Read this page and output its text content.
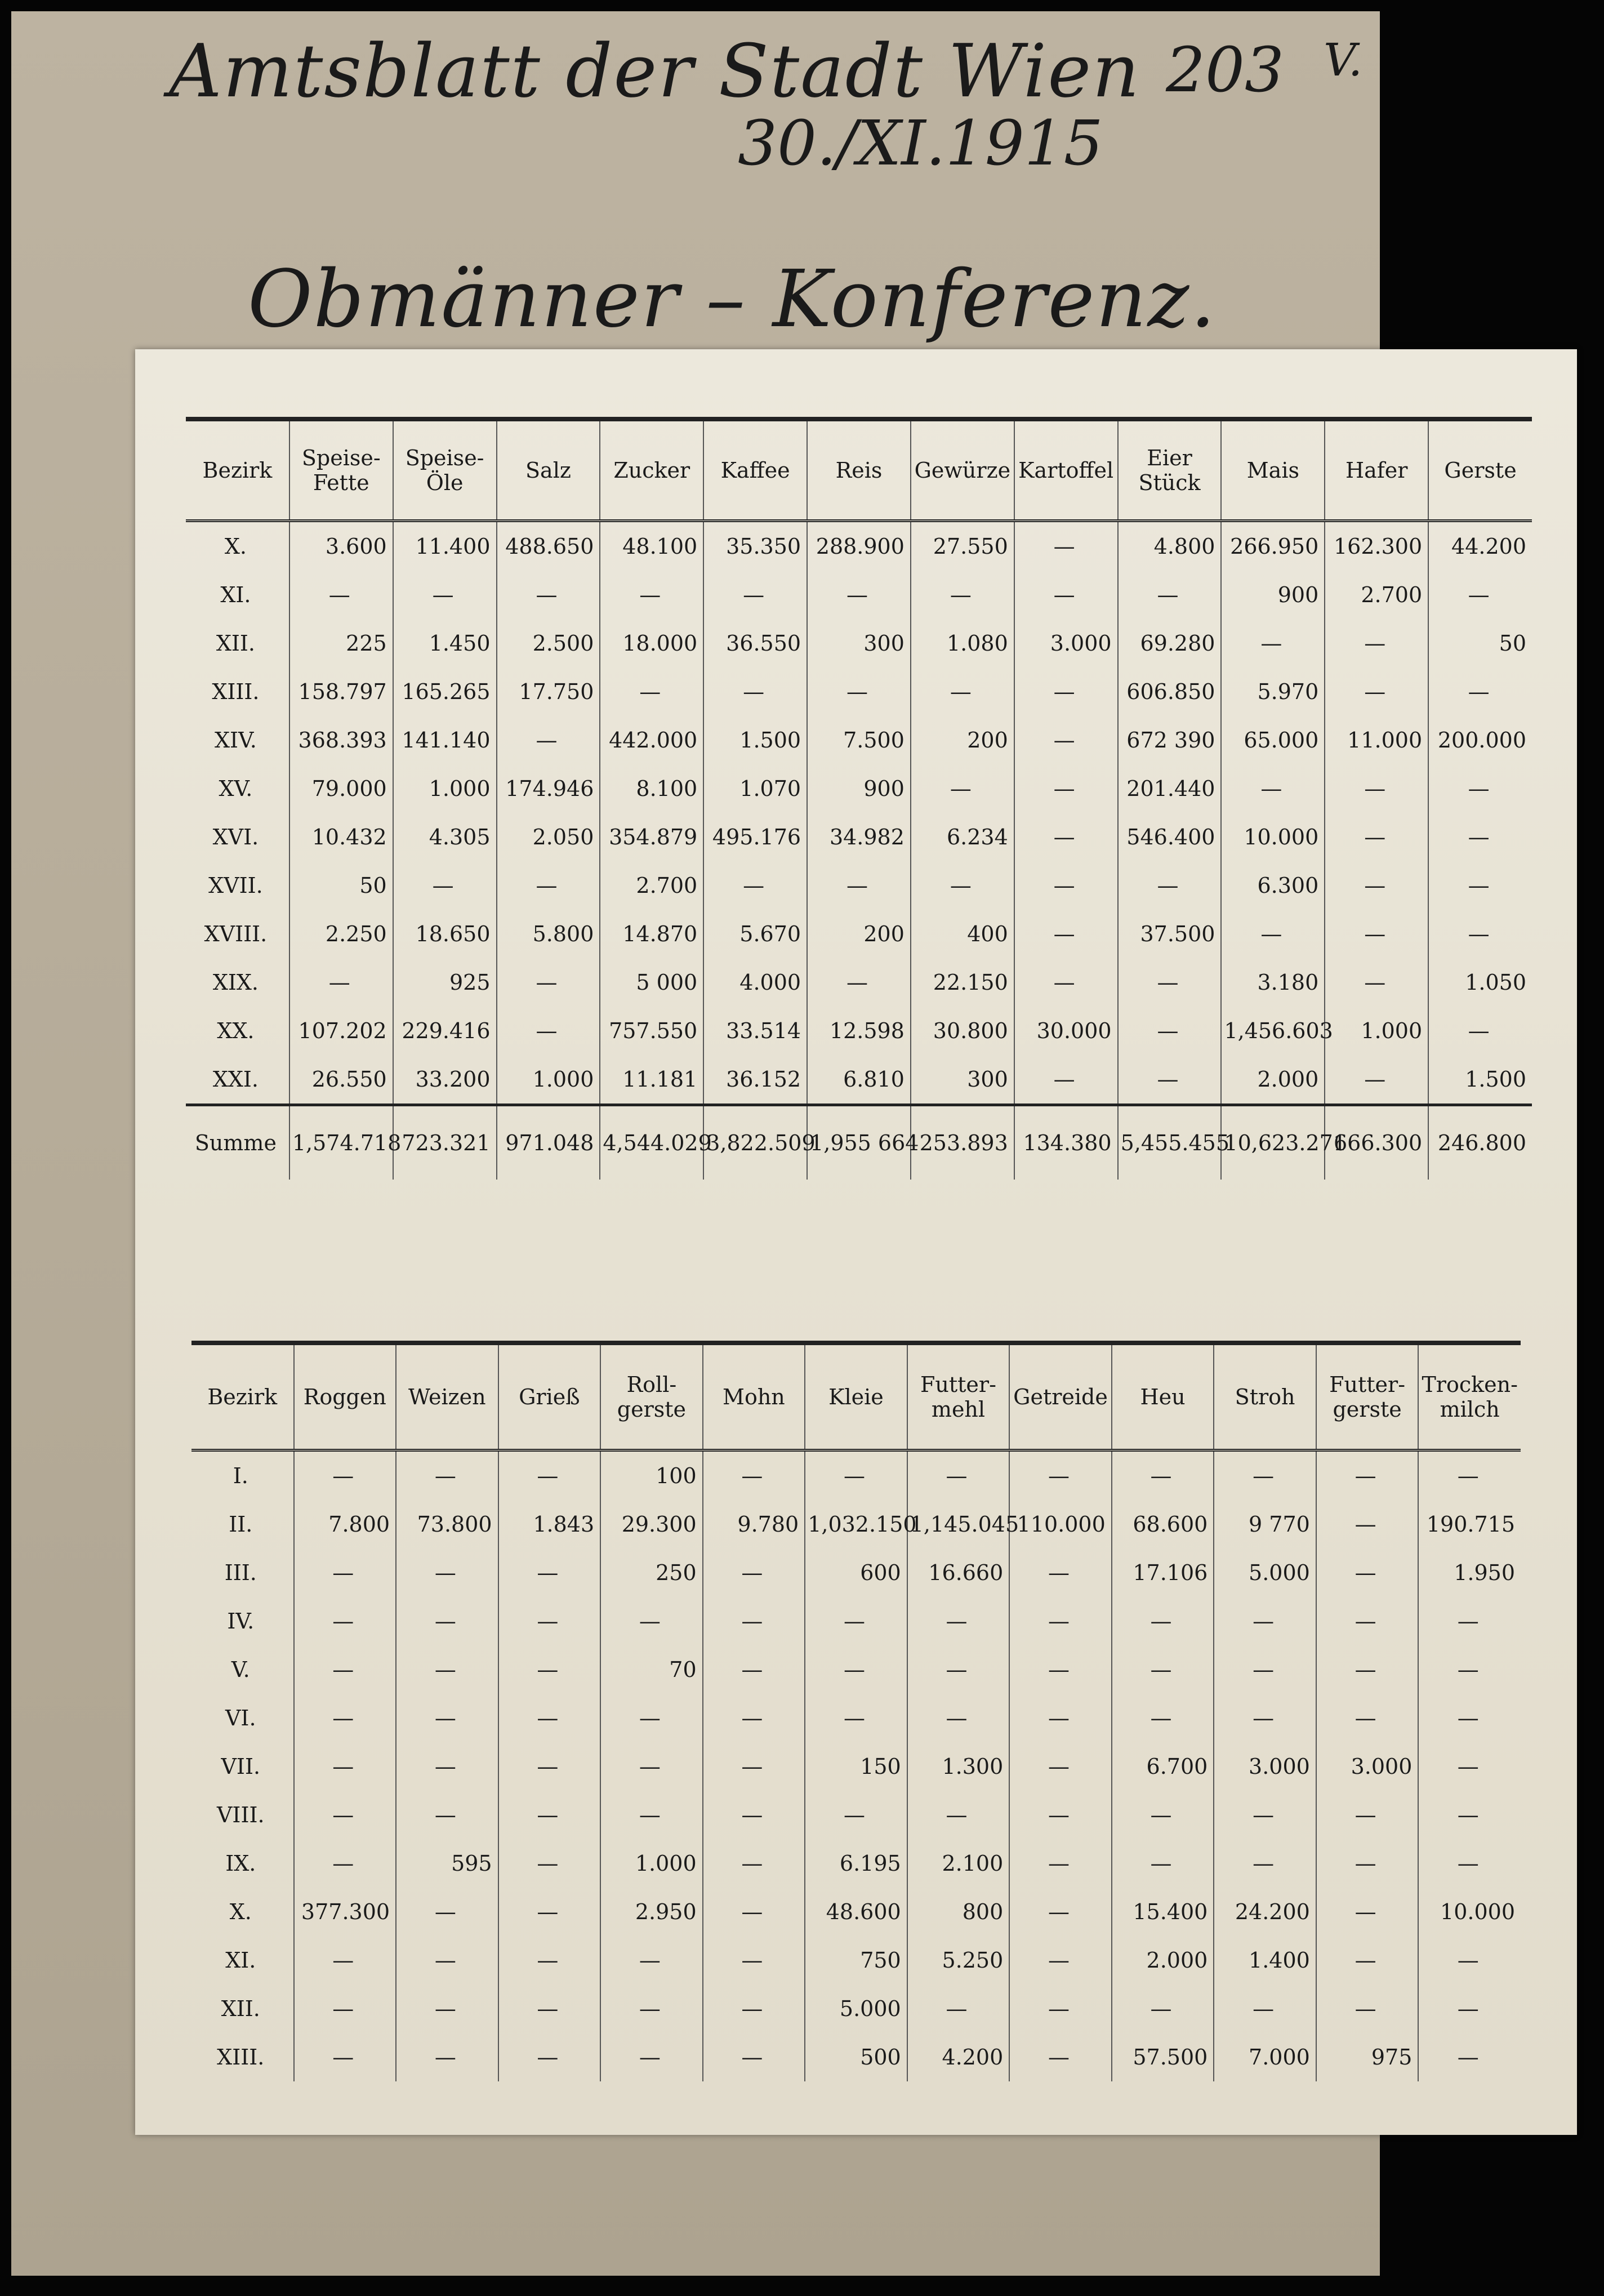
Amtsblatt der Stadt Wien 203 V.
30./XI.1915
Obmänner – Konferenz.
Bezirk	Speise-Fette	Speise-Öle	Salz	Zucker	Kaffee	Reis	Gewürze	Kartoffel	Eier Stück	Mais	Hafer	Gerste
X.	3.600	11.400	488.650	48.100	35.350	288.900	27.550	—	4.800	266.950	162.300	44.200
XI.	—	—	—	—	—	—	—	—	—	900	2.700	—
XII.	225	1.450	2.500	18.000	36.550	300	1.080	3.000	69.280	—	—	50
XIII.	158.797	165.265	17.750	—	—	—	—	—	606.850	5.970	—	—
XIV.	368.393	141.140	—	442.000	1.500	7.500	200	—	672 390	65.000	11.000	200.000
XV.	79.000	1.000	174.946	8.100	1.070	900	—	—	201.440	—	—	—
XVI.	10.432	4.305	2.050	354.879	495.176	34.982	6.234	—	546.400	10.000	—	—
XVII.	50	—	—	2.700	—	—	—	—	—	6.300	—	—
XVIII.	2.250	18.650	5.800	14.870	5.670	200	400	—	37.500	—	—	—
XIX.	—	925	—	5 000	4.000	—	22.150	—	—	3.180	—	1.050
XX.	107.202	229.416	—	757.550	33.514	12.598	30.800	30.000	—	1,456.603	1.000	—
XXI.	26.550	33.200	1.000	11.181	36.152	6.810	300	—	—	2.000	—	1.500
Summe	1,574.718	723.321	971.048	4,544.029	3,822.509	1,955 664	253.893	134.380	5,455.455	10,623.271	666.300	246.800
Bezirk	Roggen	Weizen	Grieß	Roll-gerste	Mohn	Kleie	Futter-mehl	Getreide	Heu	Stroh	Futter-gerste	Trocken-milch
I.	—	—	—	100	—	—	—	—	—	—	—	—
II.	7.800	73.800	1.843	29.300	9.780	1,032.150	1,145.045	110.000	68.600	9 770	—	190.715
III.	—	—	—	250	—	600	16.660	—	17.106	5.000	—	1.950
IV.	—	—	—	—	—	—	—	—	—	—	—	—
V.	—	—	—	70	—	—	—	—	—	—	—	—
VI.	—	—	—	—	—	—	—	—	—	—	—	—
VII.	—	—	—	—	—	150	1.300	—	6.700	3.000	3.000	—
VIII.	—	—	—	—	—	—	—	—	—	—	—	—
IX.	—	595	—	1.000	—	6.195	2.100	—	—	—	—	—
X.	377.300	—	—	2.950	—	48.600	800	—	15.400	24.200	—	10.000
XI.	—	—	—	—	—	750	5.250	—	2.000	1.400	—	—
XII.	—	—	—	—	—	5.000	—	—	—	—	—	—
XIII.	—	—	—	—	—	500	4.200	—	57.500	7.000	975	—
